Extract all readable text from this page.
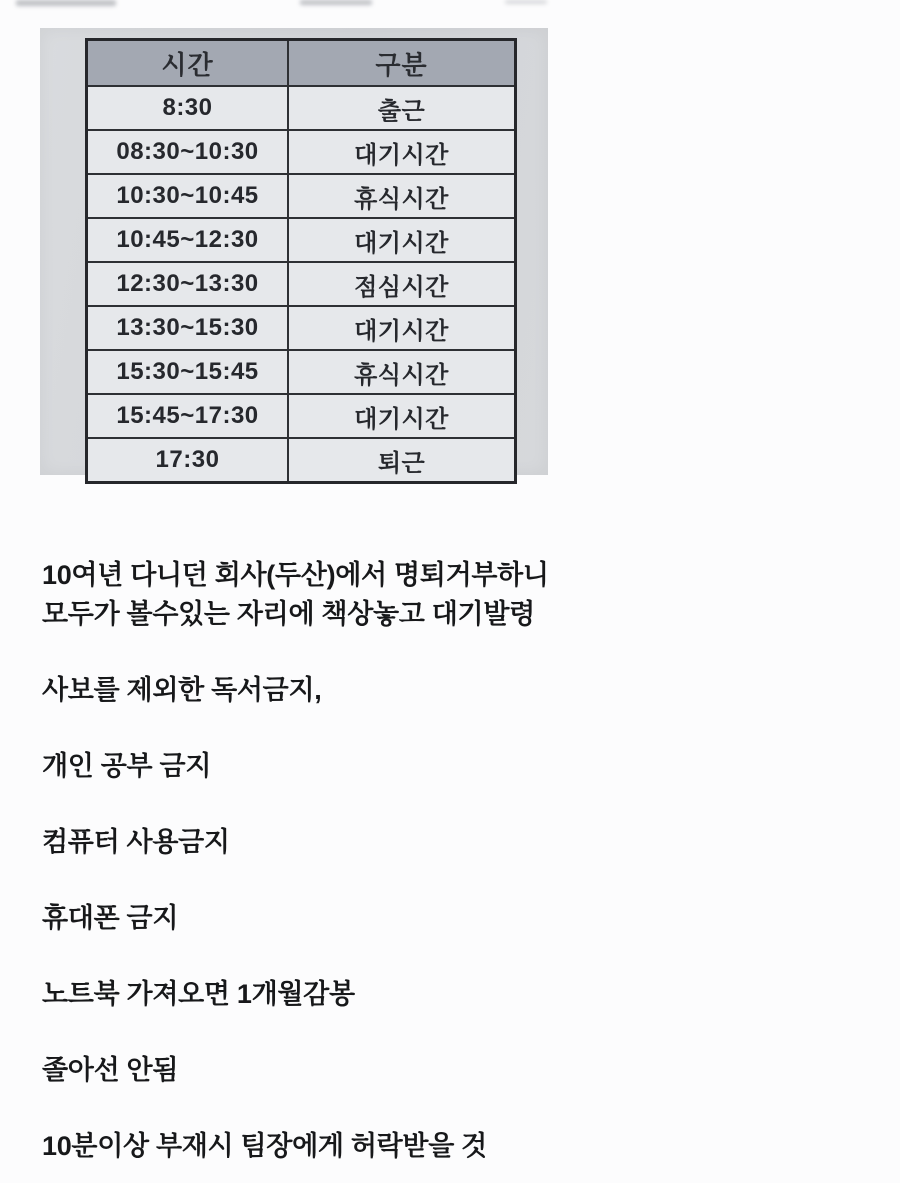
시간	구분
8:30	출근
08:30~10:30	대기시간
10:30~10:45	휴식시간
10:45~12:30	대기시간
12:30~13:30	점심시간
13:30~15:30	대기시간
15:30~15:45	휴식시간
15:45~17:30	대기시간
17:30	퇴근

10여년 다니던 회사(두산)에서 명퇴거부하니
모두가 볼수있는 자리에 책상놓고 대기발령

사보를 제외한 독서금지,

개인 공부 금지

컴퓨터 사용금지

휴대폰 금지

노트북 가져오면 1개월감봉

졸아선 안됨

10분이상 부재시 팀장에게 허락받을 것
